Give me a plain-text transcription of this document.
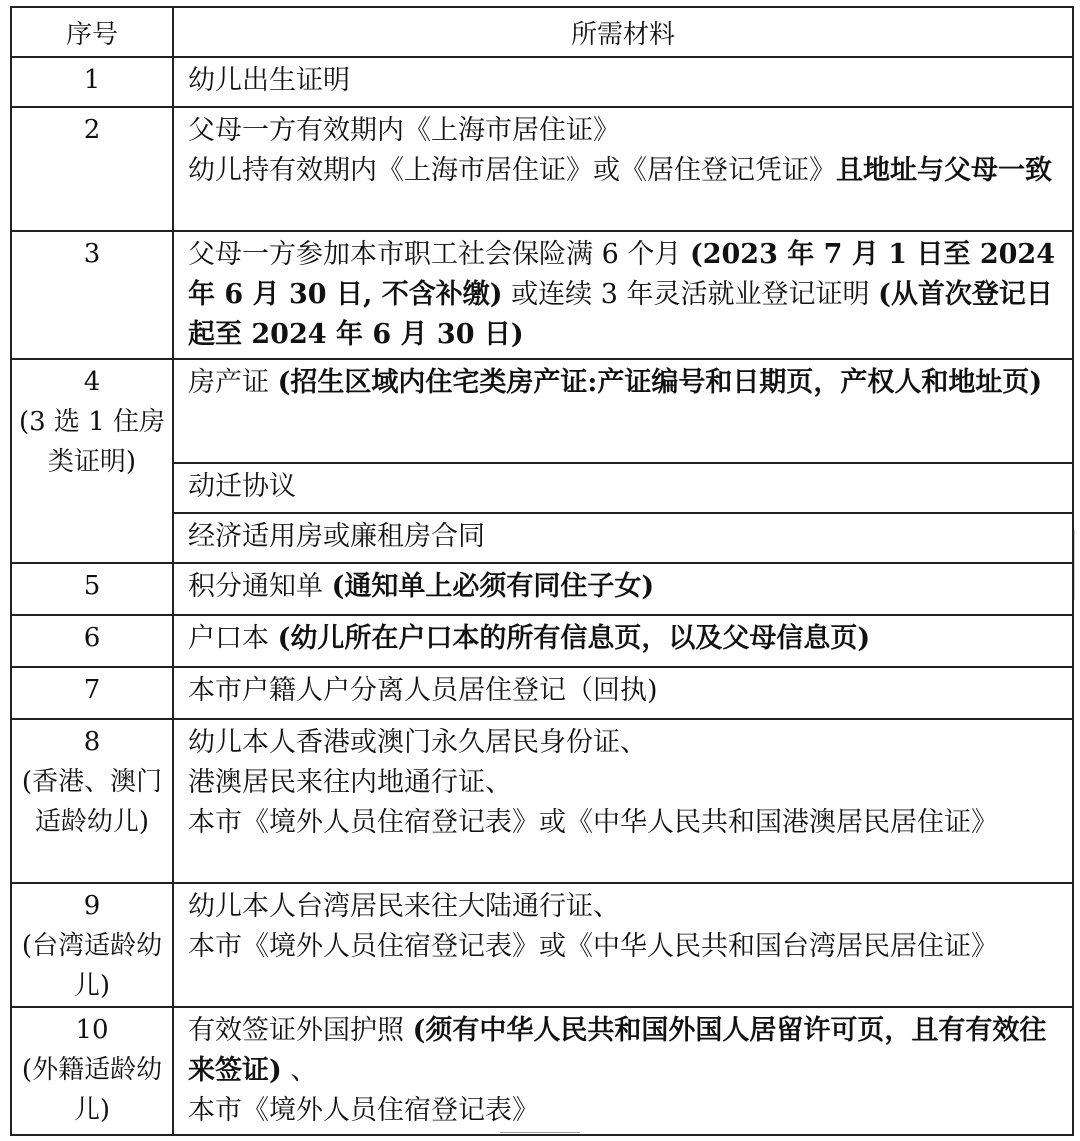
序号	所需材料
1	幼儿出生证明
2	父母一方有效期内《上海市居住证》
幼儿持有效期内《上海市居住证》或《居住登记凭证》且地址与父母一致
3	父母一方参加本市职工社会保险满 6 个月 (2023 年 7 月 1 日至 2024 年 6 月 30 日, 不含补缴) 或连续 3 年灵活就业登记证明 (从首次登记日起至 2024 年 6 月 30 日)

4
(3 选 1 住房类证明)	房产证 (招生区域内住宅类房产证:产证编号和日期页，产权人和地址页)
	动迁协议
	经济适用房或廉租房合同
5	积分通知单 (通知单上必须有同住子女)
6	户口本 (幼儿所在户口本的所有信息页，以及父母信息页)
7	本市户籍人户分离人员居住登记（回执)

8
(香港、澳门适龄幼儿)	幼儿本人香港或澳门永久居民身份证、
港澳居民来往内地通行证、
本市《境外人员住宿登记表》或《中华人民共和国港澳居民居住证》

9
(台湾适龄幼儿)	幼儿本人台湾居民来往大陆通行证、
本市《境外人员住宿登记表》或《中华人民共和国台湾居民居住证》

10
(外籍适龄幼儿)	有效签证外国护照 (须有中华人民共和国外国人居留许可页，且有有效往来签证) 、
本市《境外人员住宿登记表》
